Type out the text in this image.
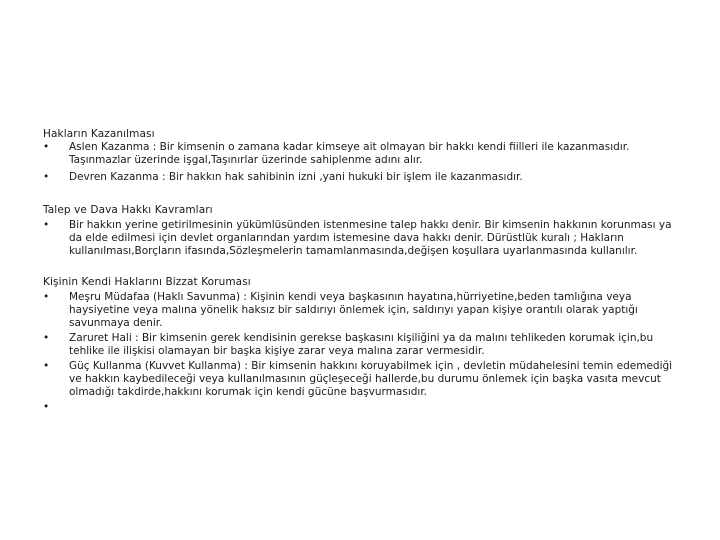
Hakların Kazanılması
•	Aslen Kazanma : Bir kimsenin o zamana kadar kimseye ait olmayan bir hakkı kendi fiilleri ile kazanmasıdır.
Taşınmazlar üzerinde işgal,Taşınırlar üzerinde sahiplenme adını alır.
•	Devren Kazanma : Bir hakkın hak sahibinin izni ,yani hukuki bir işlem ile kazanmasıdır.
Talep ve Dava Hakkı Kavramları
•	Bir hakkın yerine getirilmesinin yükümlüsünden istenmesine talep hakkı denir. Bir kimsenin hakkının korunması ya
da elde edilmesi için devlet organlarından yardım istemesine dava hakkı denir. Dürüstlük kuralı ; Hakların
kullanılması,Borçların ifasında,Sözleşmelerin tamamlanmasında,değişen koşullara uyarlanmasında kullanılır.
Kişinin Kendi Haklarını Bizzat Koruması
•	Meşru Müdafaa (Haklı Savunma) : Kişinin kendi veya başkasının hayatına,hürriyetine,beden tamlığına veya
haysiyetine veya malına yönelik haksız bir saldırıyı önlemek için, saldırıyı yapan kişiye orantılı olarak yaptığı
savunmaya denir.
•	Zaruret Hali : Bir kimsenin gerek kendisinin gerekse başkasını kişiliğini ya da malını tehlikeden korumak için,bu
tehlike ile ilişkisi olamayan bir başka kişiye zarar veya malına zarar vermesidir.
•	Güç Kullanma (Kuvvet Kullanma) : Bir kimsenin hakkını koruyabilmek için , devletin müdahelesini temin edemediği
ve hakkın kaybedileceği veya kullanılmasının güçleşeceği hallerde,bu durumu önlemek için başka vasıta mevcut
olmadığı takdirde,hakkını korumak için kendi gücüne başvurmasıdır.
•
